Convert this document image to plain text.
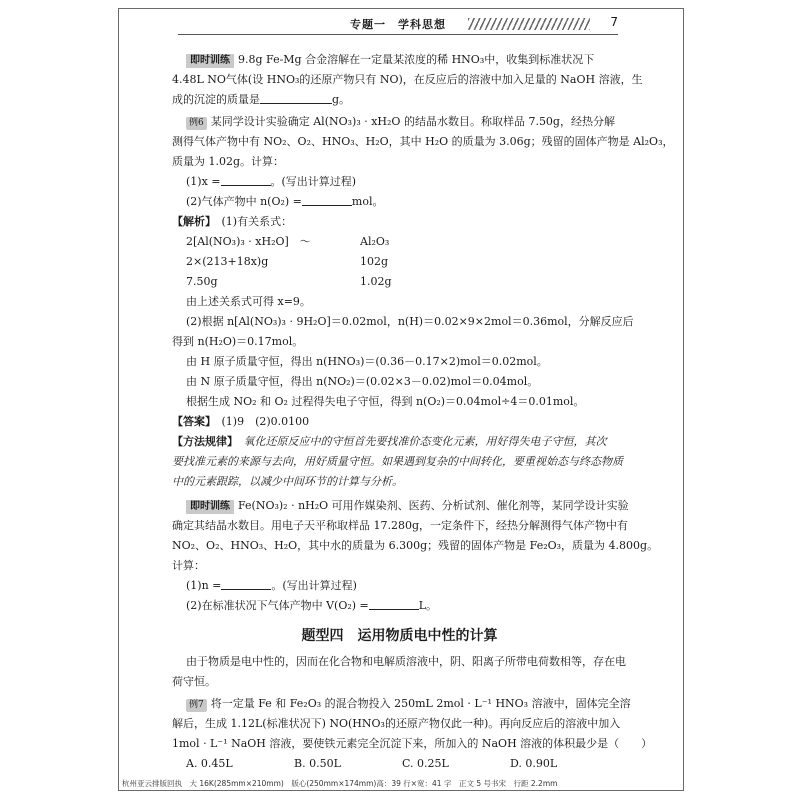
专题一　学科思想	7
即时训练 9.8g Fe-Mg 合金溶解在一定量某浓度的稀 HNO₃中，收集到标准状况下
4.48L NO气体(设 HNO₃的还原产物只有 NO)，在反应后的溶液中加入足量的 NaOH 溶液，生
成的沉淀的质量是	g。
例6 某同学设计实验确定 Al(NO₃)₃ · xH₂O 的结晶水数目。称取样品 7.50g，经热分解
测得气体产物中有 NO₂、O₂、HNO₃、H₂O，其中 H₂O 的质量为 3.06g；残留的固体产物是 Al₂O₃，
质量为 1.02g。计算：
(1)x =	。(写出计算过程)
(2)气体产物中 n(O₂) =	mol。
【解析】　 (1)有关系式：
2[Al(NO₃)₃ · xH₂O]　～	Al₂O₃
2×(213+18x)g	102g
7.50g	1.02g
由上述关系式可得 x=9。
(2)根据 n[Al(NO₃)₃ · 9H₂O]＝0.02mol，n(H)＝0.02×9×2mol＝0.36mol，分解反应后
得到 n(H₂O)＝0.17mol。
由 H 原子质量守恒，得出 n(HNO₃)＝(0.36－0.17×2)mol＝0.02mol。
由 N 原子质量守恒，得出 n(NO₂)＝(0.02×3－0.02)mol＝0.04mol。
根据生成 NO₂ 和 O₂ 过程得失电子守恒，得到 n(O₂)＝0.04mol÷4＝0.01mol。
【答案】　 (1)9　(2)0.0100
【方法规律】　 氧化还原反应中的守恒首先要找准价态变化元素，用好得失电子守恒，其次
要找准元素的来源与去向，用好质量守恒。如果遇到复杂的中间转化，要重视始态与终态物质
中的元素跟踪，以减少中间环节的计算与分析。
即时训练 Fe(NO₃)₂ · nH₂O 可用作媒染剂、医药、分析试剂、催化剂等，某同学设计实验
确定其结晶水数目。用电子天平称取样品 17.280g，一定条件下，经热分解测得气体产物中有
NO₂、O₂、HNO₃、H₂O，其中水的质量为 6.300g；残留的固体产物是 Fe₂O₃，质量为 4.800g。
计算：
(1)n =	。(写出计算过程)
(2)在标准状况下气体产物中 V(O₂) =	L。
题型四　运用物质电中性的计算
由于物质是电中性的，因而在化合物和电解质溶液中，阴、阳离子所带电荷数相等，存在电
荷守恒。
例7 将一定量 Fe 和 Fe₂O₃ 的混合物投入 250mL 2mol · L⁻¹ HNO₃ 溶液中，固体完全溶
解后，生成 1.12L(标准状况下) NO(HNO₃的还原产物仅此一种)。再向反应后的溶液中加入
1mol · L⁻¹ NaOH 溶液，要使铁元素完全沉淀下来，所加入的 NaOH 溶液的体积最少是（　　）
A. 0.45L	B. 0.50L	C. 0.25L	D. 0.90L
杭州亚云排版回执　大 16K(285mm×210mm)　版心(250mm×174mm)高：39 行×宽：41 字　正文 5 号书宋　行距 2.2mm
